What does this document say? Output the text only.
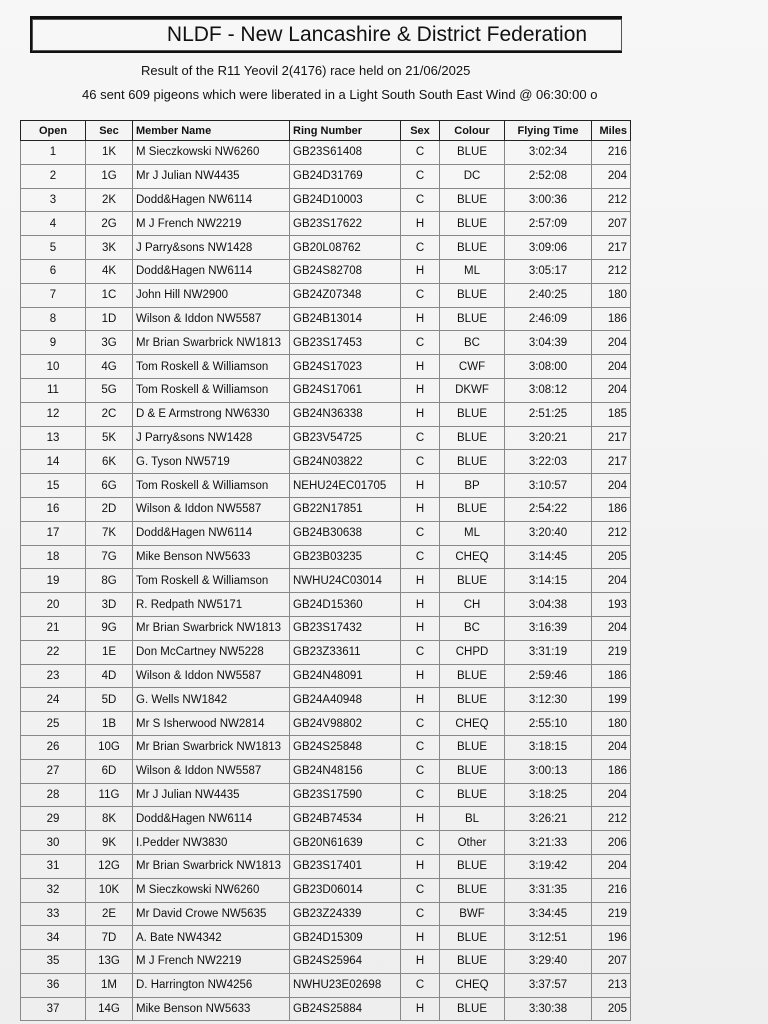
NLDF - New Lancashire & District Federation
Result of the R11 Yeovil 2(4176) race held on 21/06/2025
46 sent 609 pigeons which were liberated in a Light South South East Wind @ 06:30:00 o
Open	Sec	Member Name	Ring Number	Sex	Colour	Flying Time	Miles
1	1K	M Sieczkowski NW6260	GB23S61408	C	BLUE	3:02:34	216
2	1G	Mr J Julian NW4435	GB24D31769	C	DC	2:52:08	204
3	2K	Dodd&Hagen NW6114	GB24D10003	C	BLUE	3:00:36	212
4	2G	M J French NW2219	GB23S17622	H	BLUE	2:57:09	207
5	3K	J Parry&sons NW1428	GB20L08762	C	BLUE	3:09:06	217
6	4K	Dodd&Hagen NW6114	GB24S82708	H	ML	3:05:17	212
7	1C	John Hill NW2900	GB24Z07348	C	BLUE	2:40:25	180
8	1D	Wilson & Iddon NW5587	GB24B13014	H	BLUE	2:46:09	186
9	3G	Mr Brian Swarbrick NW1813	GB23S17453	C	BC	3:04:39	204
10	4G	Tom Roskell & Williamson	GB24S17023	H	CWF	3:08:00	204
11	5G	Tom Roskell & Williamson	GB24S17061	H	DKWF	3:08:12	204
12	2C	D & E Armstrong NW6330	GB24N36338	H	BLUE	2:51:25	185
13	5K	J Parry&sons NW1428	GB23V54725	C	BLUE	3:20:21	217
14	6K	G. Tyson NW5719	GB24N03822	C	BLUE	3:22:03	217
15	6G	Tom Roskell & Williamson	NEHU24EC01705	H	BP	3:10:57	204
16	2D	Wilson & Iddon NW5587	GB22N17851	H	BLUE	2:54:22	186
17	7K	Dodd&Hagen NW6114	GB24B30638	C	ML	3:20:40	212
18	7G	Mike Benson NW5633	GB23B03235	C	CHEQ	3:14:45	205
19	8G	Tom Roskell & Williamson	NWHU24C03014	H	BLUE	3:14:15	204
20	3D	R. Redpath NW5171	GB24D15360	H	CH	3:04:38	193
21	9G	Mr Brian Swarbrick NW1813	GB23S17432	H	BC	3:16:39	204
22	1E	Don McCartney NW5228	GB23Z33611	C	CHPD	3:31:19	219
23	4D	Wilson & Iddon NW5587	GB24N48091	H	BLUE	2:59:46	186
24	5D	G. Wells NW1842	GB24A40948	H	BLUE	3:12:30	199
25	1B	Mr S Isherwood NW2814	GB24V98802	C	CHEQ	2:55:10	180
26	10G	Mr Brian Swarbrick NW1813	GB24S25848	C	BLUE	3:18:15	204
27	6D	Wilson & Iddon NW5587	GB24N48156	C	BLUE	3:00:13	186
28	11G	Mr J Julian NW4435	GB23S17590	C	BLUE	3:18:25	204
29	8K	Dodd&Hagen NW6114	GB24B74534	H	BL	3:26:21	212
30	9K	I.Pedder NW3830	GB20N61639	C	Other	3:21:33	206
31	12G	Mr Brian Swarbrick NW1813	GB23S17401	H	BLUE	3:19:42	204
32	10K	M Sieczkowski NW6260	GB23D06014	C	BLUE	3:31:35	216
33	2E	Mr David Crowe NW5635	GB23Z24339	C	BWF	3:34:45	219
34	7D	A. Bate NW4342	GB24D15309	H	BLUE	3:12:51	196
35	13G	M J French NW2219	GB24S25964	H	BLUE	3:29:40	207
36	1M	D. Harrington NW4256	NWHU23E02698	C	CHEQ	3:37:57	213
37	14G	Mike Benson NW5633	GB24S25884	H	BLUE	3:30:38	205
